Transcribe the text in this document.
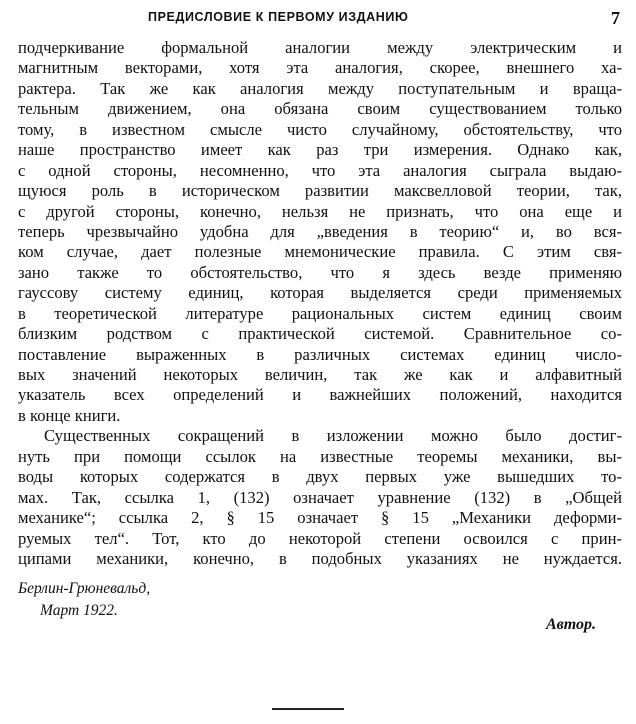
ПРЕДИСЛОВИЕ К ПЕРВОМУ ИЗДАНИЮ	7
подчеркивание формальной аналогии между электрическим и
магнитным векторами, хотя эта аналогия, скорее, внешнего ха-
рактера. Так же как аналогия между поступательным и враща-
тельным движением, она обязана своим существованием только
тому, в известном смысле чисто случайному, обстоятельству, что
наше пространство имеет как раз три измерения. Однако как,
с одной стороны, несомненно, что эта аналогия сыграла выдаю-
щуюся роль в историческом развитии максвелловой теории, так,
с другой стороны, конечно, нельзя не признать, что она еще и
теперь чрезвычайно удобна для „введения в теорию“ и, во вся-
ком случае, дает полезные мнемонические правила. С этим свя-
зано также то обстоятельство, что я здесь везде применяю
гауссову систему единиц, которая выделяется среди применяемых
в теоретической литературе рациональных систем единиц своим
близким родством с практической системой. Сравнительное со-
поставление выраженных в различных системах единиц число-
вых значений некоторых величин, так же как и алфавитный
указатель всех определений и важнейших положений, находится
в конце книги.
Существенных сокращений в изложении можно было достиг-
нуть при помощи ссылок на известные теоремы механики, вы-
воды которых содержатся в двух первых уже вышедших то-
мах. Так, ссылка 1, (132) означает уравнение (132) в „Общей
механике“; ссылка 2, § 15 означает § 15 „Механики деформи-
руемых тел“. Тот, кто до некоторой степени освоился с прин-
ципами механики, конечно, в подобных указаниях не нуждается.
Берлин-Грюневальд,
Март 1922.
Автор.
